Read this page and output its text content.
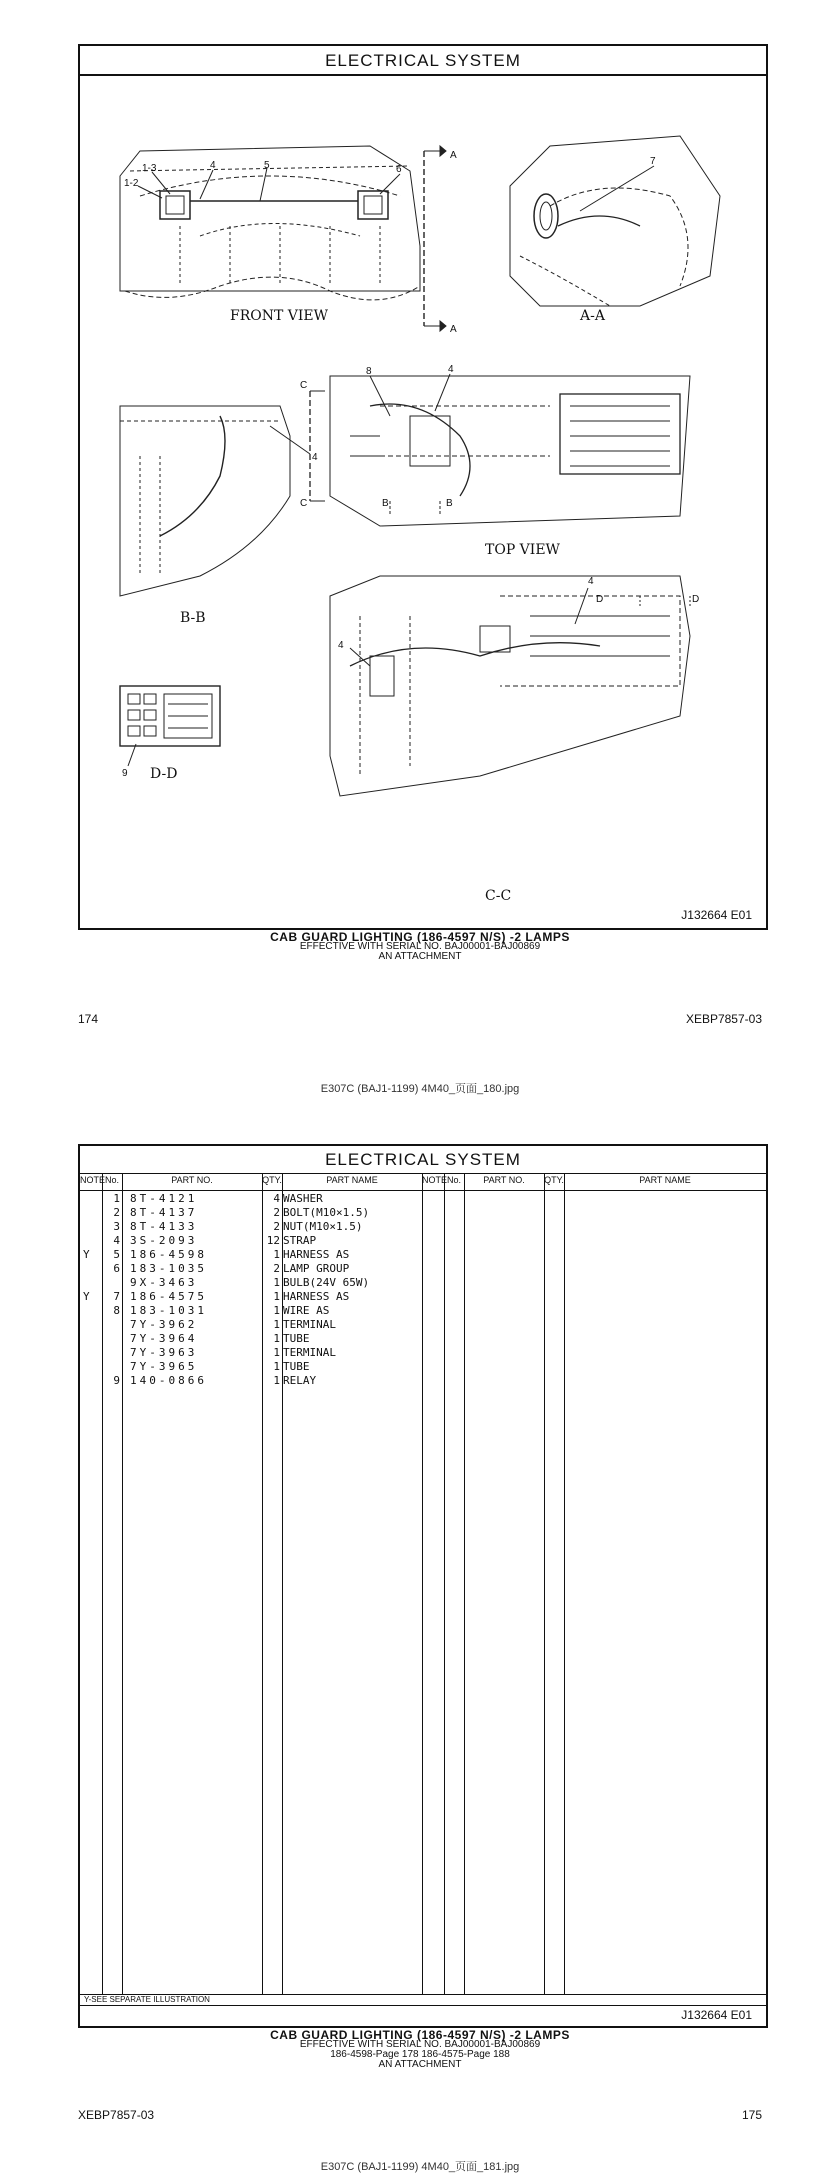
ELECTRICAL SYSTEM
FRONT VIEW
1-3
1-2
4	5	6
A
A
A-A
7
TOP VIEW
8	4
C
C	B	B
B-B
4
D-D
9
C-C
4
4
D	D
J132664 E01
CAB GUARD LIGHTING (186-4597 N/S) -2 LAMPS
EFFECTIVE WITH SERIAL NO. BAJ00001-BAJ00869
AN ATTACHMENT
174	XEBP7857-03
E307C (BAJ1-1199) 4M40_页面_180.jpg
ELECTRICAL SYSTEM
NOTE No.	PART NO.	QTY.	PART NAME	NOTE No.	PART NO.	QTY.	PART NAME
1 8T-4121	4 WASHER
2 8T-4137	2 BOLT(M10×1.5)
3 8T-4133	2 NUT(M10×1.5)
4 3S-2093	12 STRAP
Y	5 186-4598	1 HARNESS AS
6 183-1035	2 LAMP GROUP
9X-3463	1 BULB(24V 65W)
Y	7 186-4575	1 HARNESS AS
8 183-1031	1 WIRE AS
7Y-3962	1 TERMINAL
7Y-3964	1 TUBE
7Y-3963	1 TERMINAL
7Y-3965	1 TUBE
9 140-0866	1 RELAY
Y-SEE SEPARATE ILLUSTRATION
J132664 E01
CAB GUARD LIGHTING (186-4597 N/S) -2 LAMPS
EFFECTIVE WITH SERIAL NO. BAJ00001-BAJ00869
186-4598-Page 178 186-4575-Page 188
AN ATTACHMENT
XEBP7857-03	175
E307C (BAJ1-1199) 4M40_页面_181.jpg
